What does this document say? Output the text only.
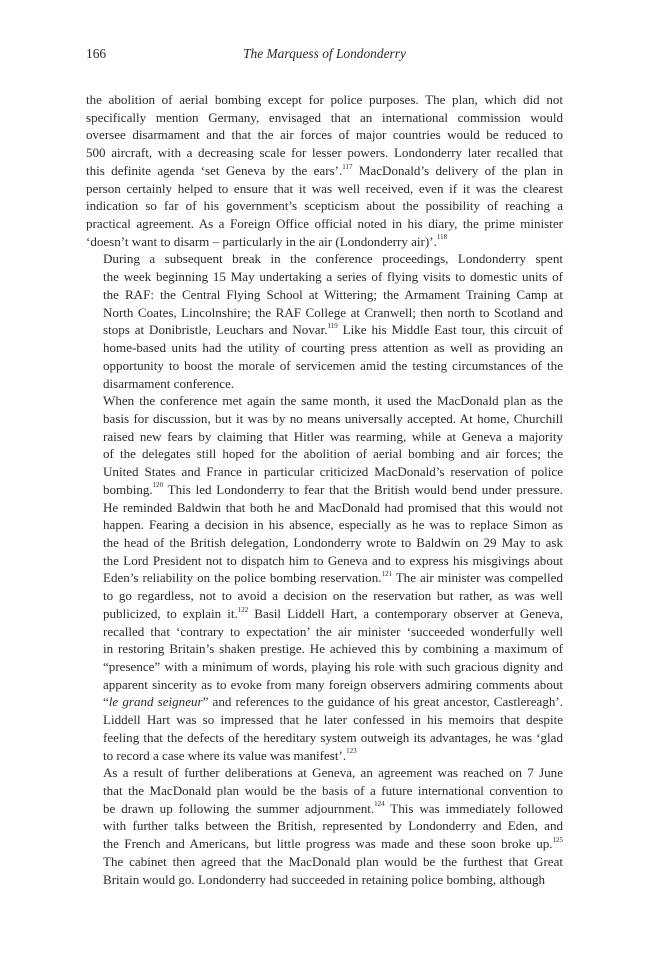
166	The Marquess of Londonderry

the abolition of aerial bombing except for police purposes. The plan, which did not
specifically mention Germany, envisaged that an international commission would
oversee disarmament and that the air forces of major countries would be reduced to
500 aircraft, with a decreasing scale for lesser powers. Londonderry later recalled that
this definite agenda ‘set Geneva by the ears’.$^{117}$ MacDonald’s delivery of the plan in
person certainly helped to ensure that it was well received, even if it was the clearest
indication so far of his government’s scepticism about the possibility of reaching a
practical agreement. As a Foreign Office official noted in his diary, the prime minister
‘doesn’t want to disarm – particularly in the air (Londonderry air)’.$^{118}$

During a subsequent break in the conference proceedings, Londonderry spent
the week beginning 15 May undertaking a series of flying visits to domestic units of
the RAF: the Central Flying School at Wittering; the Armament Training Camp at
North Coates, Lincolnshire; the RAF College at Cranwell; then north to Scotland and
stops at Donibristle, Leuchars and Novar.$^{119}$ Like his Middle East tour, this circuit of
home-based units had the utility of courting press attention as well as providing an
opportunity to boost the morale of servicemen amid the testing circumstances of the
disarmament conference.

When the conference met again the same month, it used the MacDonald plan as the
basis for discussion, but it was by no means universally accepted. At home, Churchill
raised new fears by claiming that Hitler was rearming, while at Geneva a majority
of the delegates still hoped for the abolition of aerial bombing and air forces; the
United States and France in particular criticized MacDonald’s reservation of police
bombing.$^{120}$ This led Londonderry to fear that the British would bend under pressure.
He reminded Baldwin that both he and MacDonald had promised that this would not
happen. Fearing a decision in his absence, especially as he was to replace Simon as
the head of the British delegation, Londonderry wrote to Baldwin on 29 May to ask
the Lord President not to dispatch him to Geneva and to express his misgivings about
Eden’s reliability on the police bombing reservation.$^{121}$ The air minister was compelled
to go regardless, not to avoid a decision on the reservation but rather, as was well
publicized, to explain it.$^{122}$ Basil Liddell Hart, a contemporary observer at Geneva,
recalled that ‘contrary to expectation’ the air minister ‘succeeded wonderfully well
in restoring Britain’s shaken prestige. He achieved this by combining a maximum of
“presence” with a minimum of words, playing his role with such gracious dignity and
apparent sincerity as to evoke from many foreign observers admiring comments about
“le grand seigneur” and references to the guidance of his great ancestor, Castlereagh’.
Liddell Hart was so impressed that he later confessed in his memoirs that despite
feeling that the defects of the hereditary system outweigh its advantages, he was ‘glad
to record a case where its value was manifest’.$^{123}$

As a result of further deliberations at Geneva, an agreement was reached on 7 June
that the MacDonald plan would be the basis of a future international convention to
be drawn up following the summer adjournment.$^{124}$ This was immediately followed
with further talks between the British, represented by Londonderry and Eden, and
the French and Americans, but little progress was made and these soon broke up.$^{125}$
The cabinet then agreed that the MacDonald plan would be the furthest that Great
Britain would go. Londonderry had succeeded in retaining police bombing, although
